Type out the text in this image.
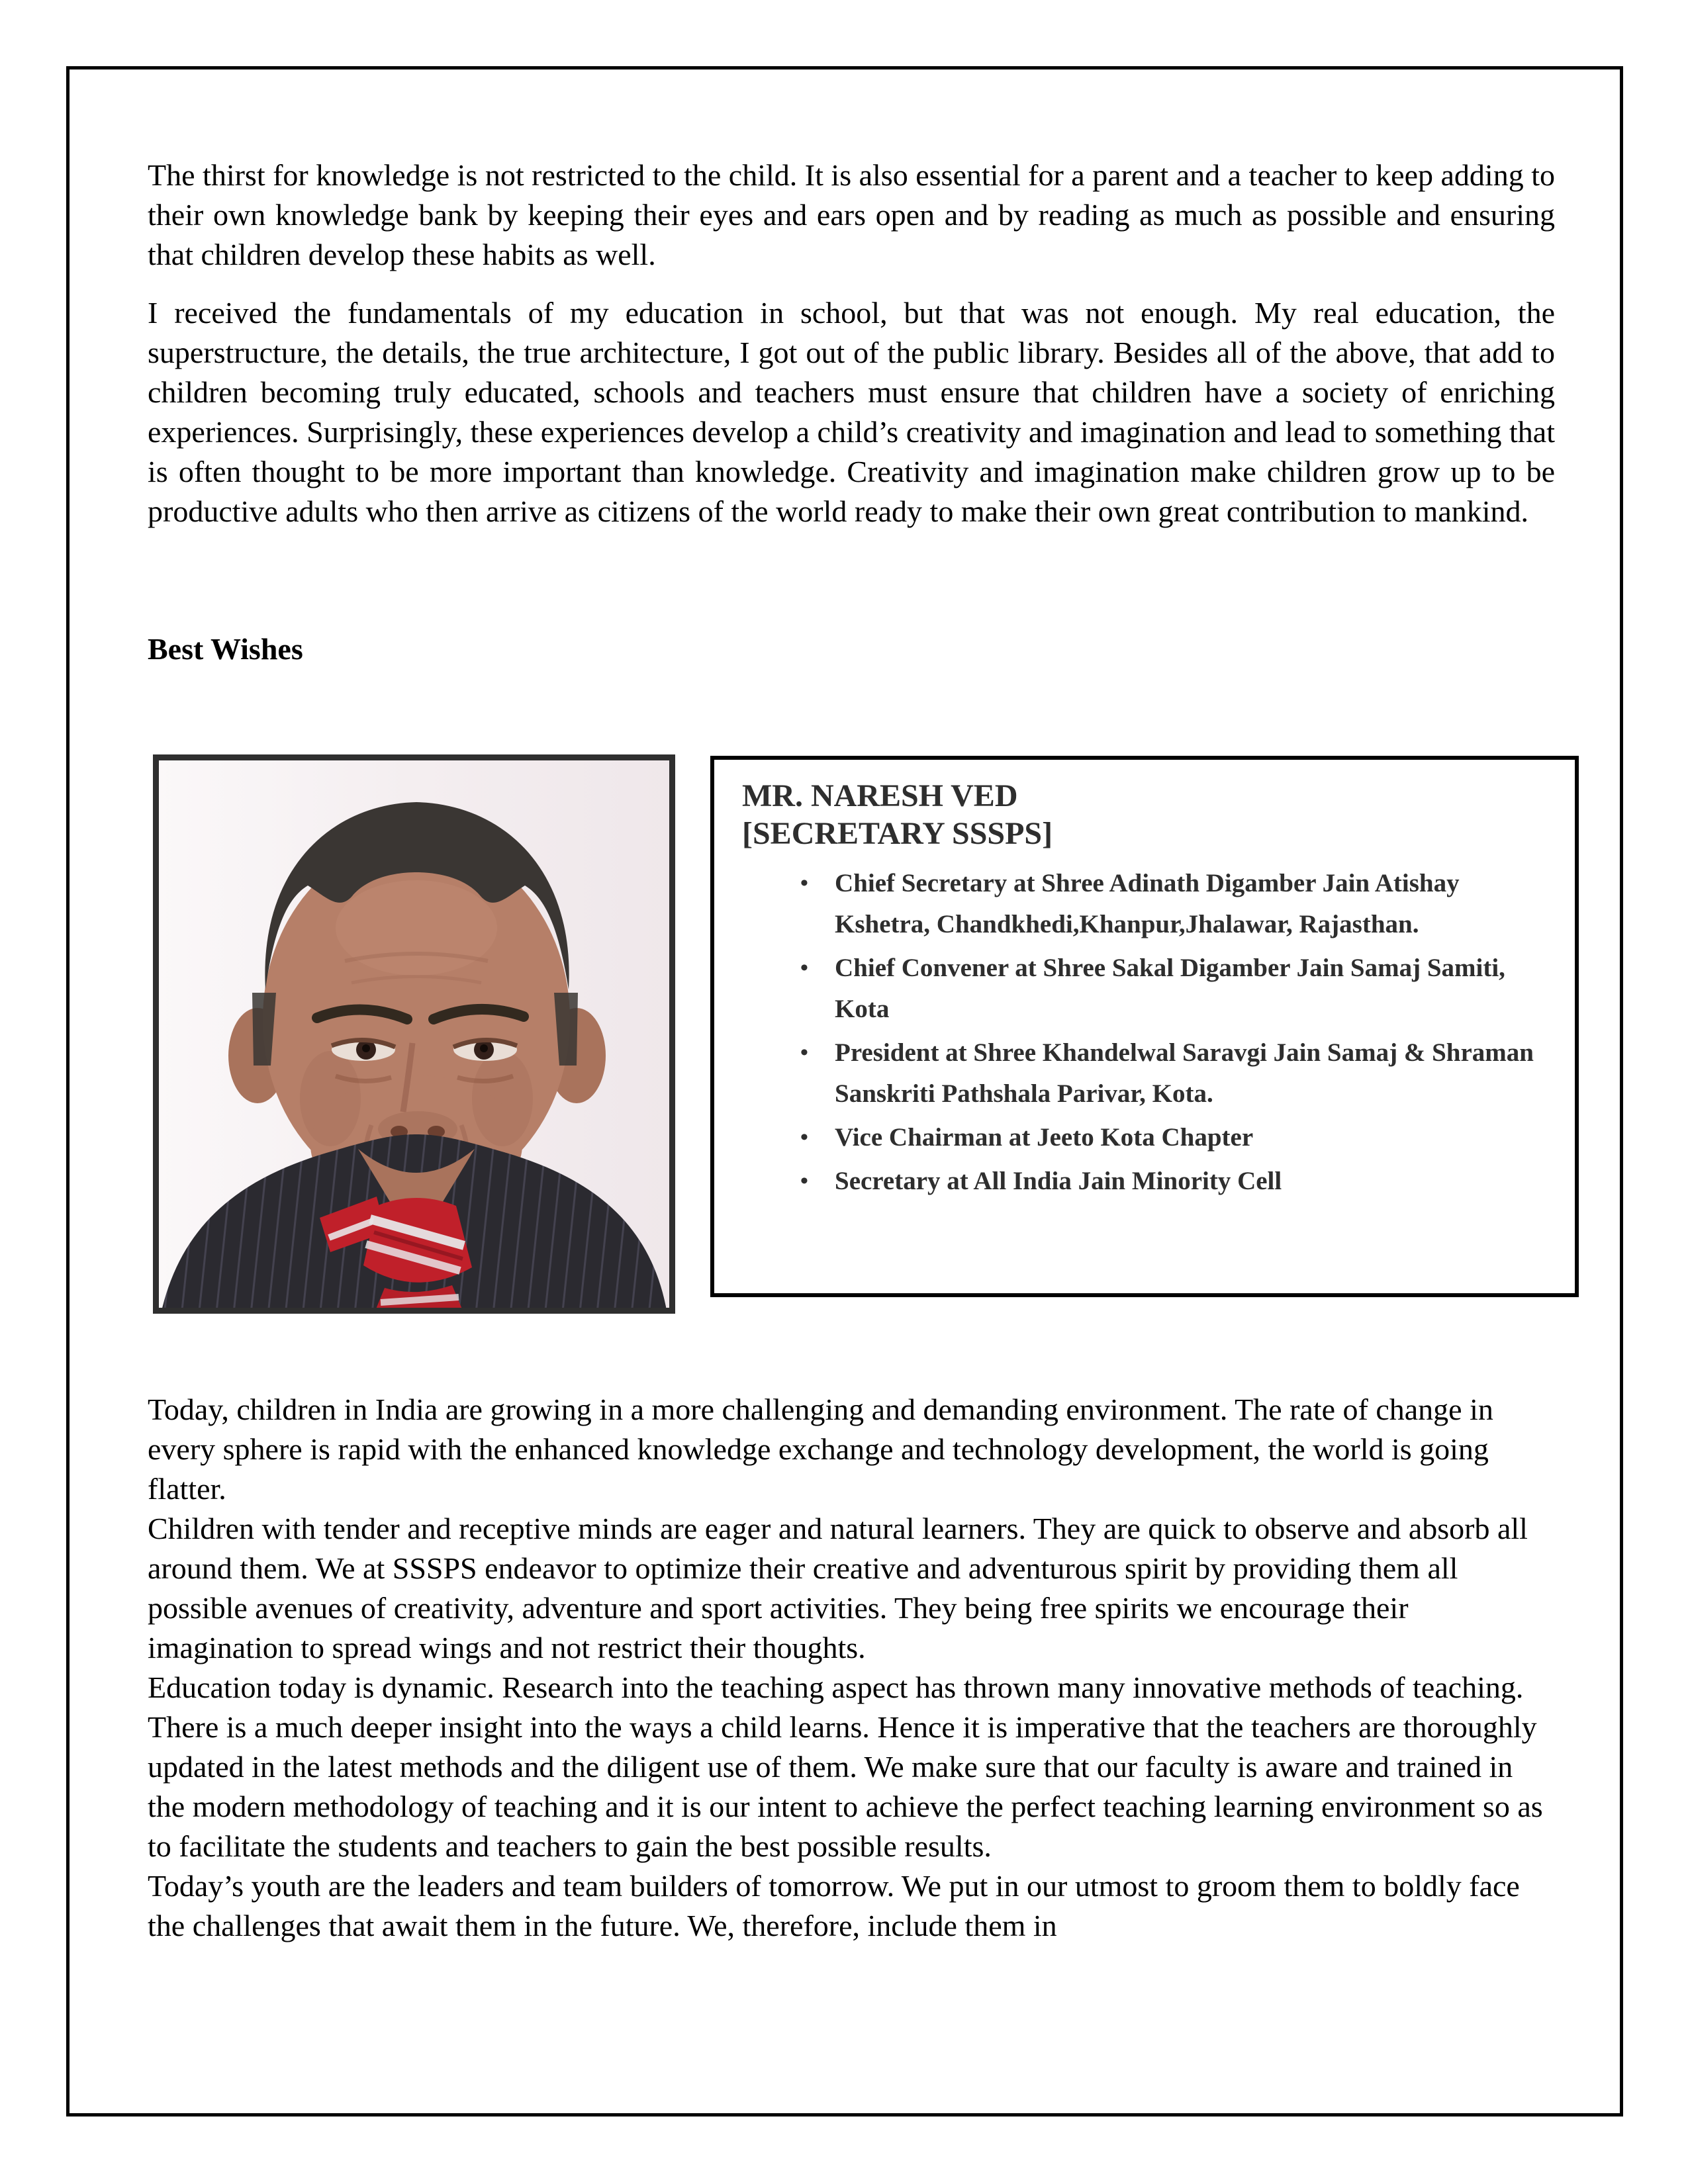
The thirst for knowledge is not restricted to the child. It is also essential for a parent and a teacher to keep adding to their own knowledge bank by keeping their eyes and ears open and by reading as much as possible and ensuring that children develop these habits as well.

I received the fundamentals of my education in school, but that was not enough. My real education, the superstructure, the details, the true architecture, I got out of the public library. Besides all of the above, that add to children becoming truly educated, schools and teachers must ensure that children have a society of enriching experiences. Surprisingly, these experiences develop a child’s creativity and imagination and lead to something that is often thought to be more important than knowledge. Creativity and imagination make children grow up to be productive adults who then arrive as citizens of the world ready to make their own great contribution to mankind.

Best Wishes
MR. NARESH VED
[SECRETARY SSSPS]
•	Chief Secretary at Shree Adinath Digamber Jain Atishay Kshetra, Chandkhedi,Khanpur,Jhalawar, Rajasthan.
•	Chief Convener at Shree Sakal Digamber Jain Samaj Samiti, Kota
•	President at Shree Khandelwal Saravgi Jain Samaj & Shraman Sanskriti Pathshala Parivar, Kota.
•	Vice Chairman at Jeeto Kota Chapter
•	Secretary at All India Jain Minority Cell

Today, children in India are growing in a more challenging and demanding environment. The rate of change in every sphere is rapid with the enhanced knowledge exchange and technology development, the world is going flatter.

Children with tender and receptive minds are eager and natural learners. They are quick to observe and absorb all around them. We at SSSPS endeavor to optimize their creative and adventurous spirit by providing them all possible avenues of creativity, adventure and sport activities. They being free spirits we encourage their imagination to spread wings and not restrict their thoughts.

Education today is dynamic. Research into the teaching aspect has thrown many innovative methods of teaching. There is a much deeper insight into the ways a child learns. Hence it is imperative that the teachers are thoroughly updated in the latest methods and the diligent use of them. We make sure that our faculty is aware and trained in the modern methodology of teaching and it is our intent to achieve the perfect teaching learning environment so as to facilitate the students and teachers to gain the best possible results.

Today’s youth are the leaders and team builders of tomorrow. We put in our utmost to groom them to boldly face the challenges that await them in the future. We, therefore, include them in
